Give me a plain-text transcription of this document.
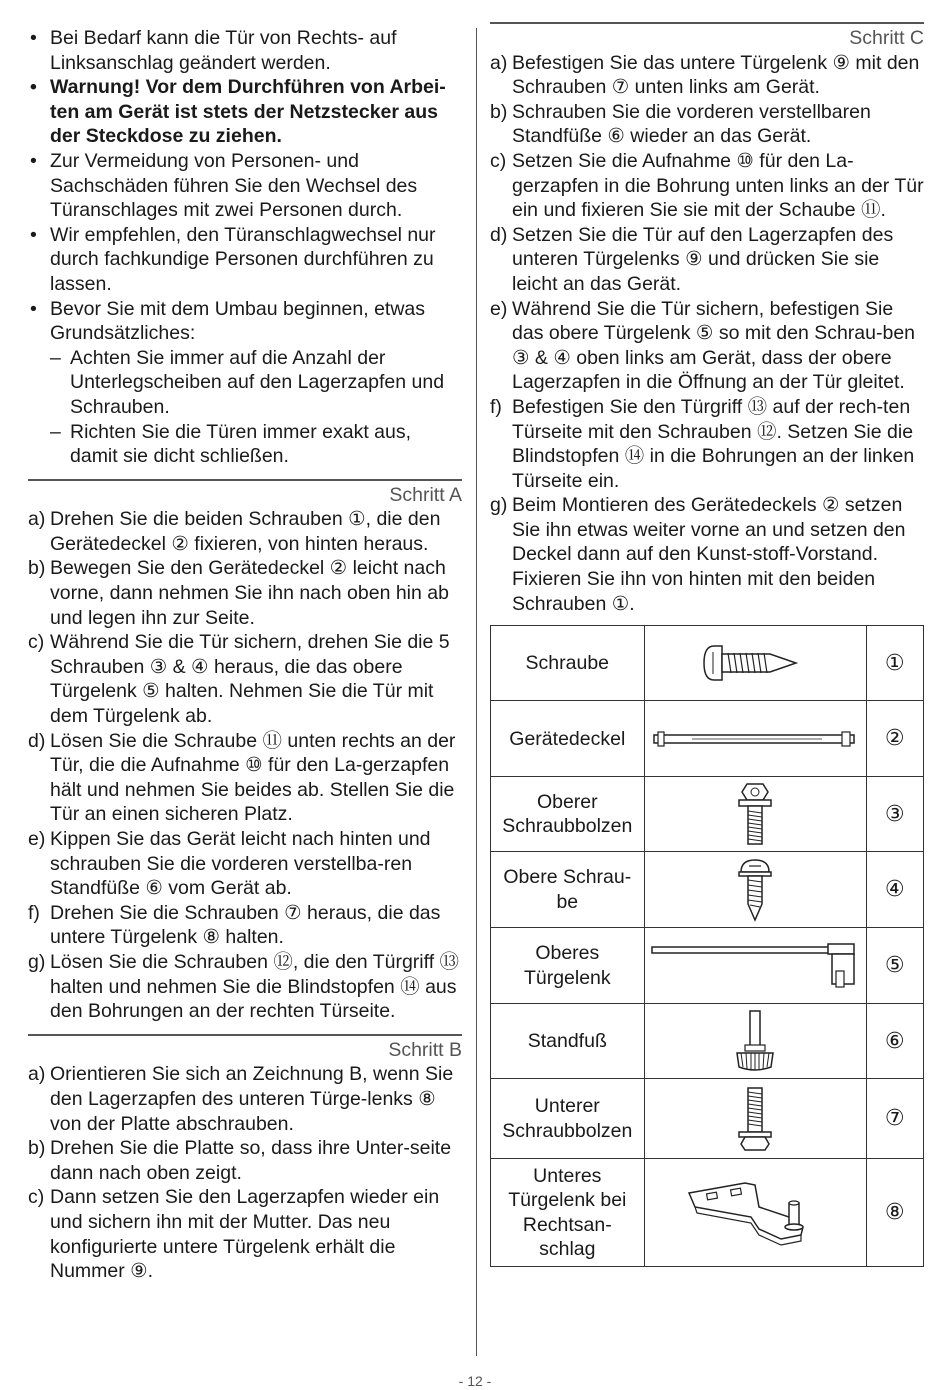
• Bei Bedarf kann die Tür von Rechts- auf Linksanschlag geändert werden.
• Warnung! Vor dem Durchführen von Arbei-ten am Gerät ist stets der Netzstecker aus der Steckdose zu ziehen.
• Zur Vermeidung von Personen- und Sachschäden führen Sie den Wechsel des Türanschlages mit zwei Personen durch.
• Wir empfehlen, den Türanschlagwechsel nur durch fachkundige Personen durchführen zu lassen.
• Bevor Sie mit dem Umbau beginnen, etwas Grundsätzliches:
– Achten Sie immer auf die Anzahl der Unterlegscheiben auf den Lagerzapfen und Schrauben.
– Richten Sie die Türen immer exakt aus, damit sie dicht schließen.
Schritt A
a) Drehen Sie die beiden Schrauben ①, die den Gerätedeckel ② fixieren, von hinten heraus.
b) Bewegen Sie den Gerätedeckel ② leicht nach vorne, dann nehmen Sie ihn nach oben hin ab und legen ihn zur Seite.
c) Während Sie die Tür sichern, drehen Sie die 5 Schrauben ③ & ④ heraus, die das obere Türgelenk ⑤ halten. Nehmen Sie die Tür mit dem Türgelenk ab.
d) Lösen Sie die Schraube ⑪ unten rechts an der Tür, die die Aufnahme ⑩ für den La-gerzapfen hält und nehmen Sie beides ab. Stellen Sie die Tür an einen sicheren Platz.
e) Kippen Sie das Gerät leicht nach hinten und schrauben Sie die vorderen verstellba-ren Standfüße ⑥ vom Gerät ab.
f) Drehen Sie die Schrauben ⑦ heraus, die das untere Türgelenk ⑧ halten.
g) Lösen Sie die Schrauben ⑫, die den Türgriff ⑬ halten und nehmen Sie die Blindstopfen ⑭ aus den Bohrungen an der rechten Türseite.
Schritt B
a) Orientieren Sie sich an Zeichnung B, wenn Sie den Lagerzapfen des unteren Türge-lenks ⑧ von der Platte abschrauben.
b) Drehen Sie die Platte so, dass ihre Unter-seite dann nach oben zeigt.
c) Dann setzen Sie den Lagerzapfen wieder ein und sichern ihn mit der Mutter. Das neu konfigurierte untere Türgelenk erhält die Nummer ⑨.
Schritt C
a) Befestigen Sie das untere Türgelenk ⑨ mit den Schrauben ⑦ unten links am Gerät.
b) Schrauben Sie die vorderen verstellbaren Standfüße ⑥ wieder an das Gerät.
c) Setzen Sie die Aufnahme ⑩ für den La-gerzapfen in die Bohrung unten links an der Tür ein und fixieren Sie sie mit der Schaube ⑪.
d) Setzen Sie die Tür auf den Lagerzapfen des unteren Türgelenks ⑨ und drücken Sie sie leicht an das Gerät.
e) Während Sie die Tür sichern, befestigen Sie das obere Türgelenk ⑤ so mit den Schrau-ben ③ & ④ oben links am Gerät, dass der obere Lagerzapfen in die Öffnung an der Tür gleitet.
f) Befestigen Sie den Türgriff ⑬ auf der rech-ten Türseite mit den Schrauben ⑫. Setzen Sie die Blindstopfen ⑭ in die Bohrungen an der linken Türseite ein.
g) Beim Montieren des Gerätedeckels ② setzen Sie ihn etwas weiter vorne an und setzen den Deckel dann auf den Kunst-stoff-Vorstand. Fixieren Sie ihn von hinten mit den beiden Schrauben ①.
Schraube		①
Gerätedeckel		②
Oberer Schraubbolzen		③
Obere Schrau-be		④
Oberes Türgelenk		⑤
Standfuß		⑥
Unterer Schraubbolzen		⑦
Unteres Türgelenk bei Rechtsan-schlag		⑧
- 12 -
